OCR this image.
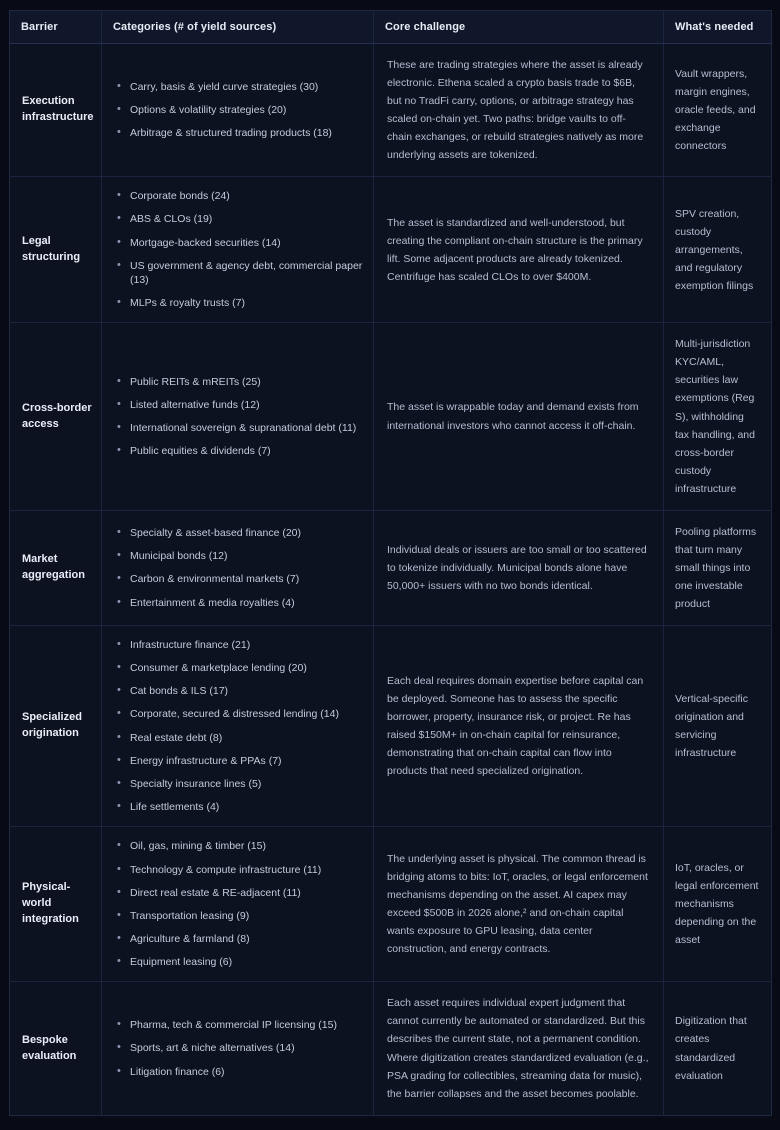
Barrier	Categories (# of yield sources)	Core challenge	What's needed
Execution infrastructure	
• Carry, basis & yield curve strategies (30)
• Options & volatility strategies (20)
• Arbitrage & structured trading products (18)
	These are trading strategies where the asset is already electronic. Ethena scaled a crypto basis trade to $6B, but no TradFi carry, options, or arbitrage strategy has scaled on-chain yet. Two paths: bridge vaults to off-chain exchanges, or rebuild strategies natively as more underlying assets are tokenized.	Vault wrappers, margin engines, oracle feeds, and exchange connectors
Legal structuring	
• Corporate bonds (24)
• ABS & CLOs (19)
• Mortgage-backed securities (14)
• US government & agency debt, commercial paper (13)
• MLPs & royalty trusts (7)
	The asset is standardized and well-understood, but creating the compliant on-chain structure is the primary lift. Some adjacent products are already tokenized. Centrifuge has scaled CLOs to over $400M.	SPV creation, custody arrangements, and regulatory exemption filings
Cross-border access	
• Public REITs & mREITs (25)
• Listed alternative funds (12)
• International sovereign & supranational debt (11)
• Public equities & dividends (7)
	The asset is wrappable today and demand exists from international investors who cannot access it off-chain.	Multi-jurisdiction KYC/AML, securities law exemptions (Reg S), withholding tax handling, and cross-border custody infrastructure
Market aggregation	
• Specialty & asset-based finance (20)
• Municipal bonds (12)
• Carbon & environmental markets (7)
• Entertainment & media royalties (4)
	Individual deals or issuers are too small or too scattered to tokenize individually. Municipal bonds alone have 50,000+ issuers with no two bonds identical.	Pooling platforms that turn many small things into one investable product
Specialized origination	
• Infrastructure finance (21)
• Consumer & marketplace lending (20)
• Cat bonds & ILS (17)
• Corporate, secured & distressed lending (14)
• Real estate debt (8)
• Energy infrastructure & PPAs (7)
• Specialty insurance lines (5)
• Life settlements (4)
	Each deal requires domain expertise before capital can be deployed. Someone has to assess the specific borrower, property, insurance risk, or project. Re has raised $150M+ in on-chain capital for reinsurance, demonstrating that on-chain capital can flow into products that need specialized origination.	Vertical-specific origination and servicing infrastructure
Physical-world integration	
• Oil, gas, mining & timber (15)
• Technology & compute infrastructure (11)
• Direct real estate & RE-adjacent (11)
• Transportation leasing (9)
• Agriculture & farmland (8)
• Equipment leasing (6)
	The underlying asset is physical. The common thread is bridging atoms to bits: IoT, oracles, or legal enforcement mechanisms depending on the asset. AI capex may exceed $500B in 2026 alone,² and on-chain capital wants exposure to GPU leasing, data center construction, and energy contracts.	IoT, oracles, or legal enforcement mechanisms depending on the asset
Bespoke evaluation	
• Pharma, tech & commercial IP licensing (15)
• Sports, art & niche alternatives (14)
• Litigation finance (6)
	Each asset requires individual expert judgment that cannot currently be automated or standardized. But this describes the current state, not a permanent condition. Where digitization creates standardized evaluation (e.g., PSA grading for collectibles, streaming data for music), the barrier collapses and the asset becomes poolable.	Digitization that creates standardized evaluation
